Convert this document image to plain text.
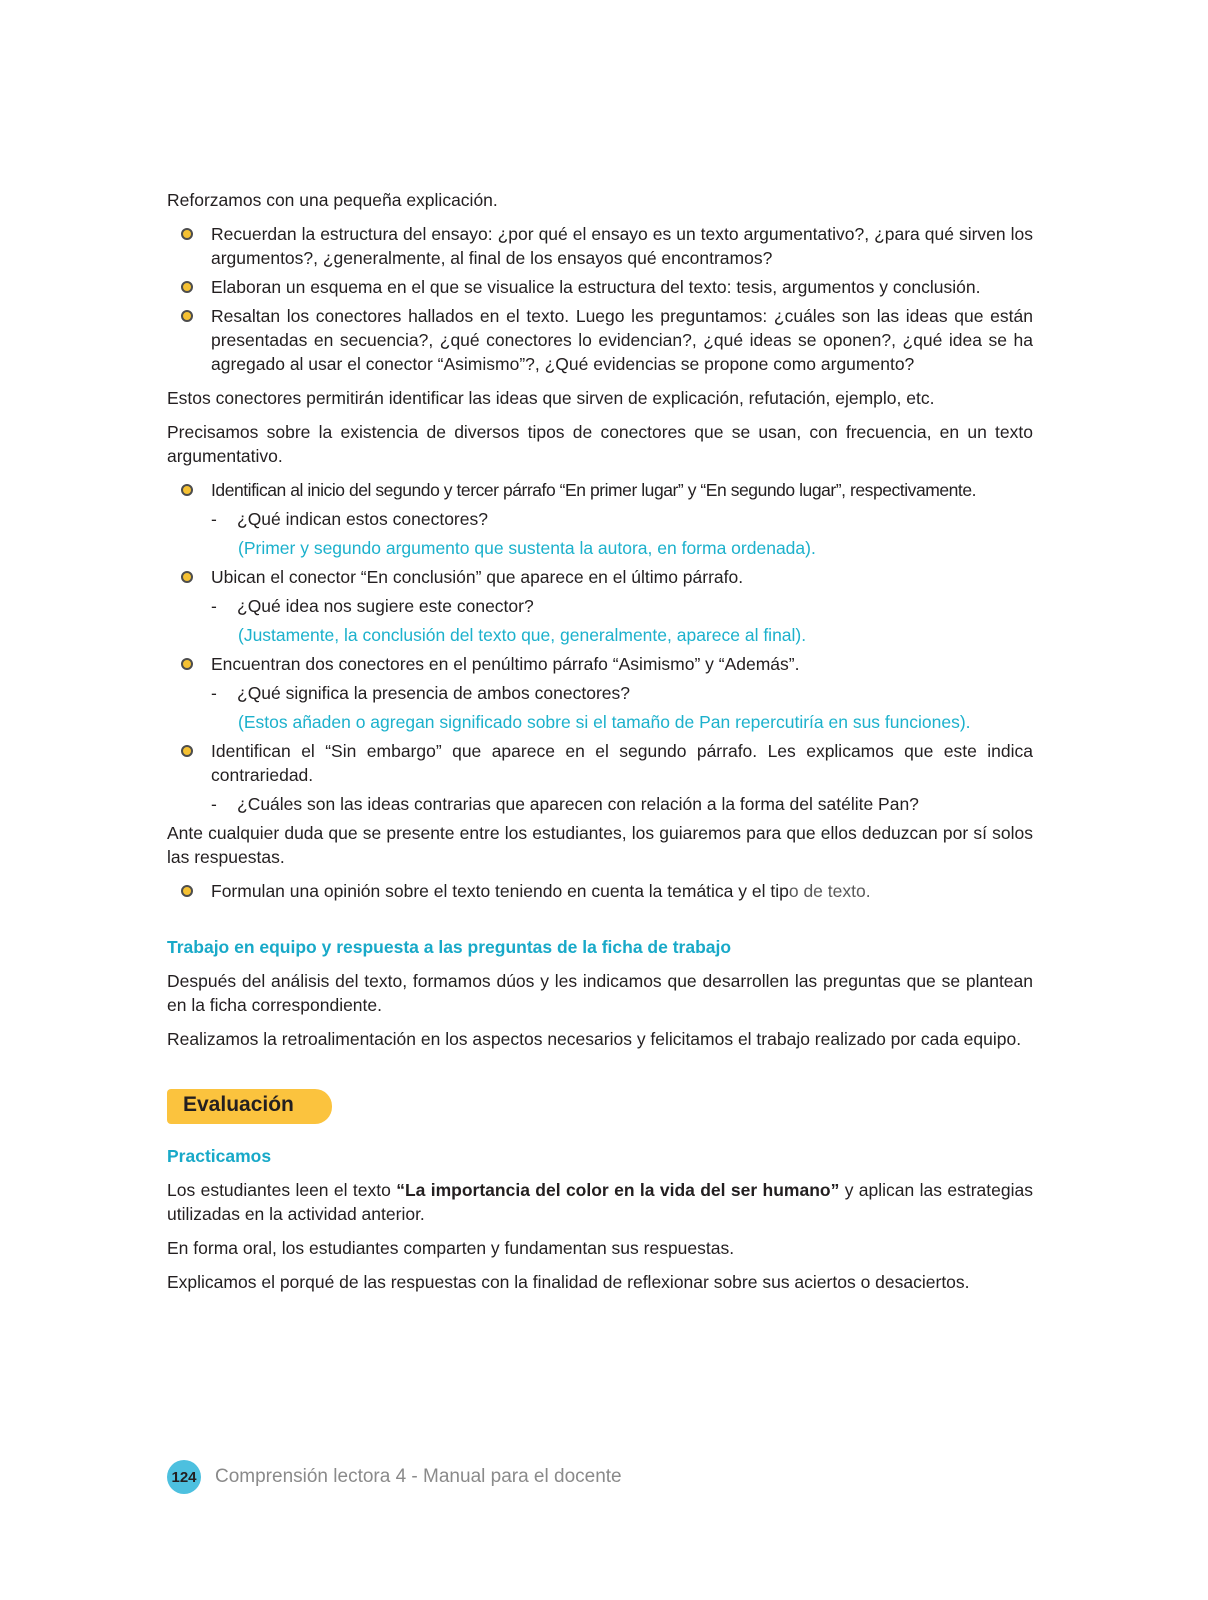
Reforzamos con una pequeña explicación.

Recuerdan la estructura del ensayo: ¿por qué el ensayo es un texto argumentativo?, ¿para qué sirven los argumentos?, ¿generalmente, al final de los ensayos qué encontramos?
Elaboran un esquema en el que se visualice la estructura del texto: tesis, argumentos y conclusión.
Resaltan los conectores hallados en el texto. Luego les preguntamos: ¿cuáles son las ideas que están presentadas en secuencia?, ¿qué conectores lo evidencian?, ¿qué ideas se oponen?, ¿qué idea se ha agregado al usar el conector “Asimismo”?, ¿Qué evidencias se propone como argumento?

Estos conectores permitirán identificar las ideas que sirven de explicación, refutación, ejemplo, etc.

Precisamos sobre la existencia de diversos tipos de conectores que se usan, con frecuencia, en un texto argumentativo.

Identifican al inicio del segundo y tercer párrafo “En primer lugar” y “En segundo lugar”, respectivamente.
- ¿Qué indican estos conectores?
(Primer y segundo argumento que sustenta la autora, en forma ordenada).
Ubican el conector “En conclusión” que aparece en el último párrafo.
- ¿Qué idea nos sugiere este conector?
(Justamente, la conclusión del texto que, generalmente, aparece al final).
Encuentran dos conectores en el penúltimo párrafo “Asimismo” y “Además”.
- ¿Qué significa la presencia de ambos conectores?
(Estos añaden o agregan significado sobre si el tamaño de Pan repercutiría en sus funciones).
Identifican el “Sin embargo” que aparece en el segundo párrafo. Les explicamos que este indica contrariedad.
- ¿Cuáles son las ideas contrarias que aparecen con relación a la forma del satélite Pan?

Ante cualquier duda que se presente entre los estudiantes, los guiaremos para que ellos deduzcan por sí solos las respuestas.

Formulan una opinión sobre el texto teniendo en cuenta la temática y el tipo de texto.

Trabajo en equipo y respuesta a las preguntas de la ficha de trabajo

Después del análisis del texto, formamos dúos y les indicamos que desarrollen las preguntas que se plantean en la ficha correspondiente.

Realizamos la retroalimentación en los aspectos necesarios y felicitamos el trabajo realizado por cada equipo.

Evaluación

Practicamos

Los estudiantes leen el texto “La importancia del color en la vida del ser humano” y aplican las estrategias utilizadas en la actividad anterior.

En forma oral, los estudiantes comparten y fundamentan sus respuestas.

Explicamos el porqué de las respuestas con la finalidad de reflexionar sobre sus aciertos o desaciertos.

124 Comprensión lectora 4 - Manual para el docente
